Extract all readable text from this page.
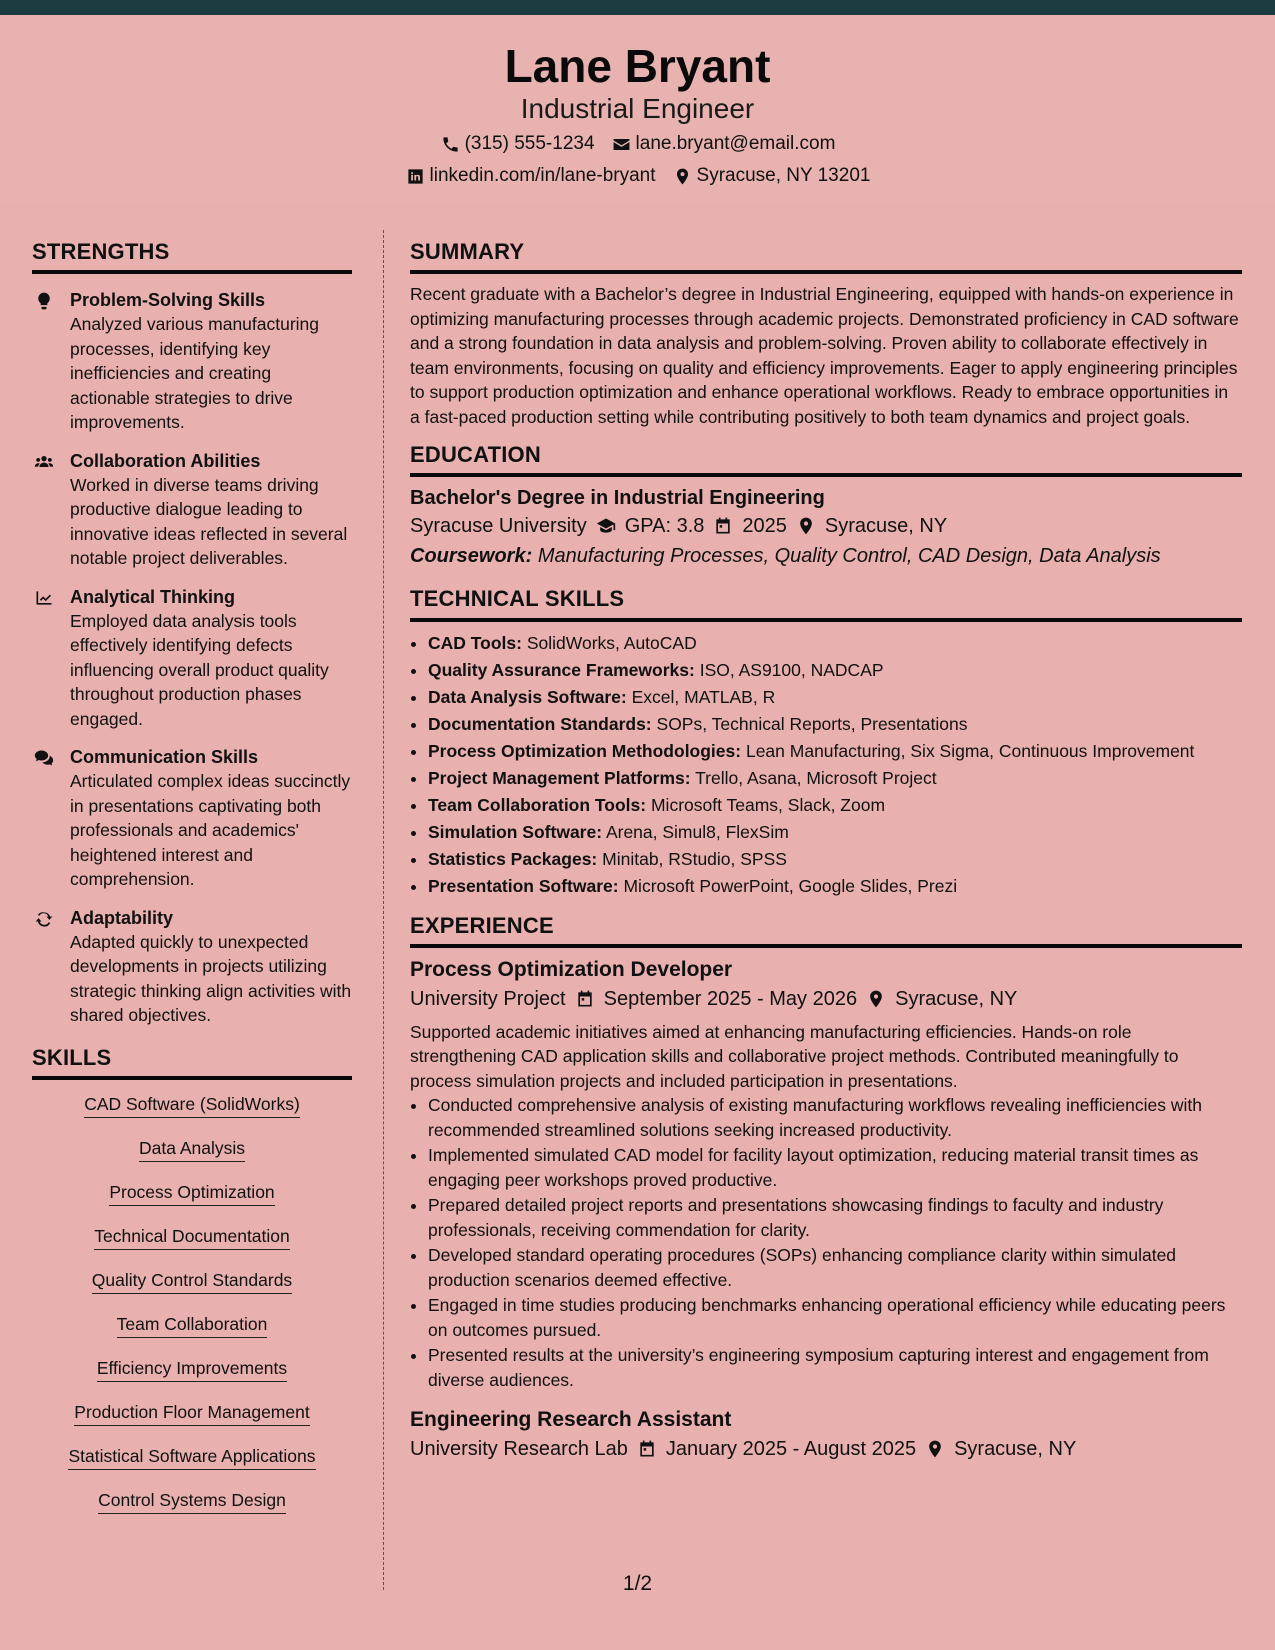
Lane Bryant
Industrial Engineer
(315) 555-1234 lane.bryant@email.com
linkedin.com/in/lane-bryant Syracuse, NY 13201
STRENGTHS
Problem-Solving Skills
Analyzed various manufacturing processes, identifying key inefficiencies and creating actionable strategies to drive improvements.
Collaboration Abilities
Worked in diverse teams driving productive dialogue leading to innovative ideas reflected in several notable project deliverables.
Analytical Thinking
Employed data analysis tools effectively identifying defects influencing overall product quality throughout production phases engaged.
Communication Skills
Articulated complex ideas succinctly in presentations captivating both professionals and academics' heightened interest and comprehension.
Adaptability
Adapted quickly to unexpected developments in projects utilizing strategic thinking align activities with shared objectives.
SKILLS
CAD Software (SolidWorks)
Data Analysis
Process Optimization
Technical Documentation
Quality Control Standards
Team Collaboration
Efficiency Improvements
Production Floor Management
Statistical Software Applications
Control Systems Design
SUMMARY
Recent graduate with a Bachelor’s degree in Industrial Engineering, equipped with hands-on experience in optimizing manufacturing processes through academic projects. Demonstrated proficiency in CAD software and a strong foundation in data analysis and problem-solving. Proven ability to collaborate effectively in team environments, focusing on quality and efficiency improvements. Eager to apply engineering principles to support production optimization and enhance operational workflows. Ready to embrace opportunities in a fast-paced production setting while contributing positively to both team dynamics and project goals.
EDUCATION
Bachelor's Degree in Industrial Engineering
Syracuse University GPA: 3.8 2025 Syracuse, NY
Coursework: Manufacturing Processes, Quality Control, CAD Design, Data Analysis
TECHNICAL SKILLS
• CAD Tools: SolidWorks, AutoCAD
• Quality Assurance Frameworks: ISO, AS9100, NADCAP
• Data Analysis Software: Excel, MATLAB, R
• Documentation Standards: SOPs, Technical Reports, Presentations
• Process Optimization Methodologies: Lean Manufacturing, Six Sigma, Continuous Improvement
• Project Management Platforms: Trello, Asana, Microsoft Project
• Team Collaboration Tools: Microsoft Teams, Slack, Zoom
• Simulation Software: Arena, Simul8, FlexSim
• Statistics Packages: Minitab, RStudio, SPSS
• Presentation Software: Microsoft PowerPoint, Google Slides, Prezi
EXPERIENCE
Process Optimization Developer
University Project September 2025 - May 2026 Syracuse, NY
Supported academic initiatives aimed at enhancing manufacturing efficiencies. Hands-on role strengthening CAD application skills and collaborative project methods. Contributed meaningfully to process simulation projects and included participation in presentations.
• Conducted comprehensive analysis of existing manufacturing workflows revealing inefficiencies with recommended streamlined solutions seeking increased productivity.
• Implemented simulated CAD model for facility layout optimization, reducing material transit times as engaging peer workshops proved productive.
• Prepared detailed project reports and presentations showcasing findings to faculty and industry professionals, receiving commendation for clarity.
• Developed standard operating procedures (SOPs) enhancing compliance clarity within simulated production scenarios deemed effective.
• Engaged in time studies producing benchmarks enhancing operational efficiency while educating peers on outcomes pursued.
• Presented results at the university’s engineering symposium capturing interest and engagement from diverse audiences.
Engineering Research Assistant
University Research Lab January 2025 - August 2025 Syracuse, NY
1/2
